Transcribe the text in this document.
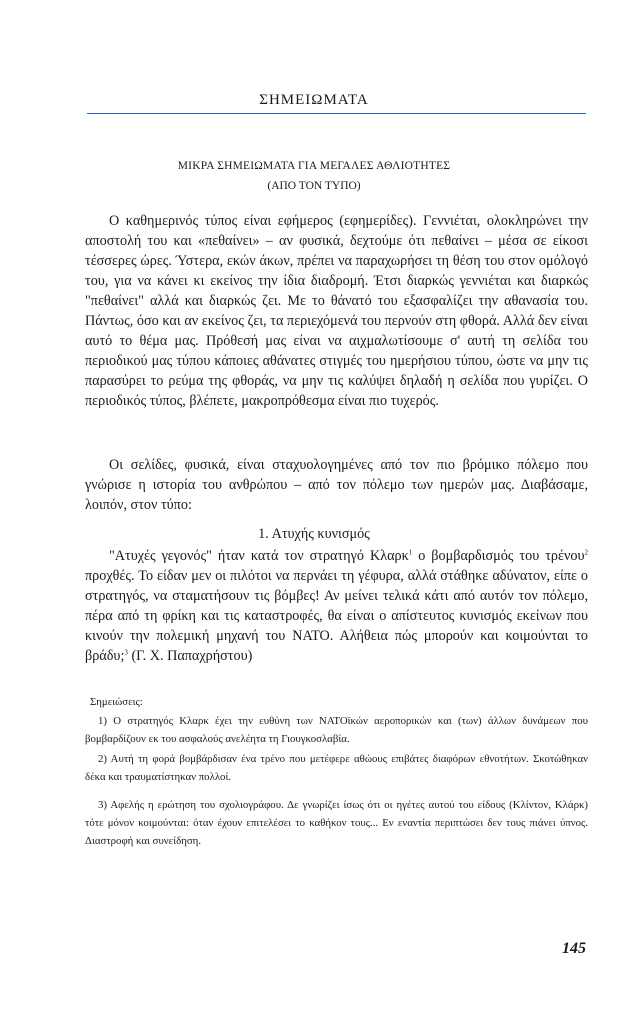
ΣΗΜΕΙΩΜΑΤΑ
ΜΙΚΡΑ ΣΗΜΕΙΩΜΑΤΑ ΓΙΑ ΜΕΓΑΛΕΣ ΑΘΛΙΟΤΗΤΕΣ
(ΑΠΟ ΤΟΝ ΤΥΠΟ)

Ο καθημερινός τύπος είναι εφήμερος (εφημερίδες). Γεννιέται, ολοκληρώνει την αποστολή του και «πεθαίνει» – αν φυσικά, δεχτούμε ότι πεθαίνει – μέσα σε είκοσι τέσσερες ώρες. Ύστερα, εκών άκων, πρέπει να παραχωρήσει τη θέση του στον ομόλογό του, για να κάνει κι εκείνος την ίδια διαδρομή. Έτσι διαρκώς γεννιέται και διαρκώς "πεθαίνει" αλλά και διαρκώς ζει. Με το θάνατό του εξασφαλίζει την αθανασία του. Πάντως, όσο και αν εκείνος ζει, τα περιεχόμενά του περνούν στη φθορά. Αλλά δεν είναι αυτό το θέμα μας. Πρόθεσή μας είναι να αιχμαλωτίσουμε σ' αυτή τη σελίδα του περιοδικού μας τύπου κάποιες αθάνατες στιγμές του ημερήσιου τύπου, ώστε να μην τις παρασύρει το ρεύμα της φθοράς, να μην τις καλύψει δηλαδή η σελίδα που γυρίζει. Ο περιοδικός τύπος, βλέπετε, μακροπρόθεσμα είναι πιο τυχερός.

Οι σελίδες, φυσικά, είναι σταχυολογημένες από τον πιο βρόμικο πόλεμο που γνώρισε η ιστορία του ανθρώπου – από τον πόλεμο των ημερών μας. Διαβάσαμε, λοιπόν, στον τύπο:

1. Ατυχής κυνισμός

"Ατυχές γεγονός" ήταν κατά τον στρατηγό Κλαρκ$^1$ ο βομβαρδισμός του τρένου$^2$ προχθές. Το είδαν μεν οι πιλότοι να περνάει τη γέφυρα, αλλά στάθηκε αδύνατον, είπε ο στρατηγός, να σταματήσουν τις βόμβες! Αν μείνει τελικά κάτι από αυτόν τον πόλεμο, πέρα από τη φρίκη και τις καταστροφές, θα είναι ο απίστευτος κυνισμός εκείνων που κινούν την πολεμική μηχανή του ΝΑΤΟ. Αλήθεια πώς μπορούν και κοιμούνται το βράδυ;$^3$ (Γ. Χ. Παπαχρήστου)

Σημειώσεις:

1) Ο στρατηγός Κλαρκ έχει την ευθύνη των ΝΑΤΟϊκών αεροπορικών και (των) άλλων δυνάμεων που βομβαρδίζουν εκ του ασφαλούς ανελέητα τη Γιουγκοσλαβία.

2) Αυτή τη φορά βομβάρδισαν ένα τρένο που μετέφερε αθώους επιβάτες διαφόρων εθνοτήτων. Σκοτώθηκαν δέκα και τραυματίστηκαν πολλοί.

3) Αφελής η ερώτηση του σχολιογράφου. Δε γνωρίζει ίσως ότι οι ηγέτες αυτού του είδους (Κλίντον, Κλάρκ) τότε μόνον κοιμούνται: όταν έχουν επιτελέσει το καθήκον τους... Εν εναντία περιπτώσει δεν τους πιάνει ύπνος. Διαστροφή και συνείδηση.

145
